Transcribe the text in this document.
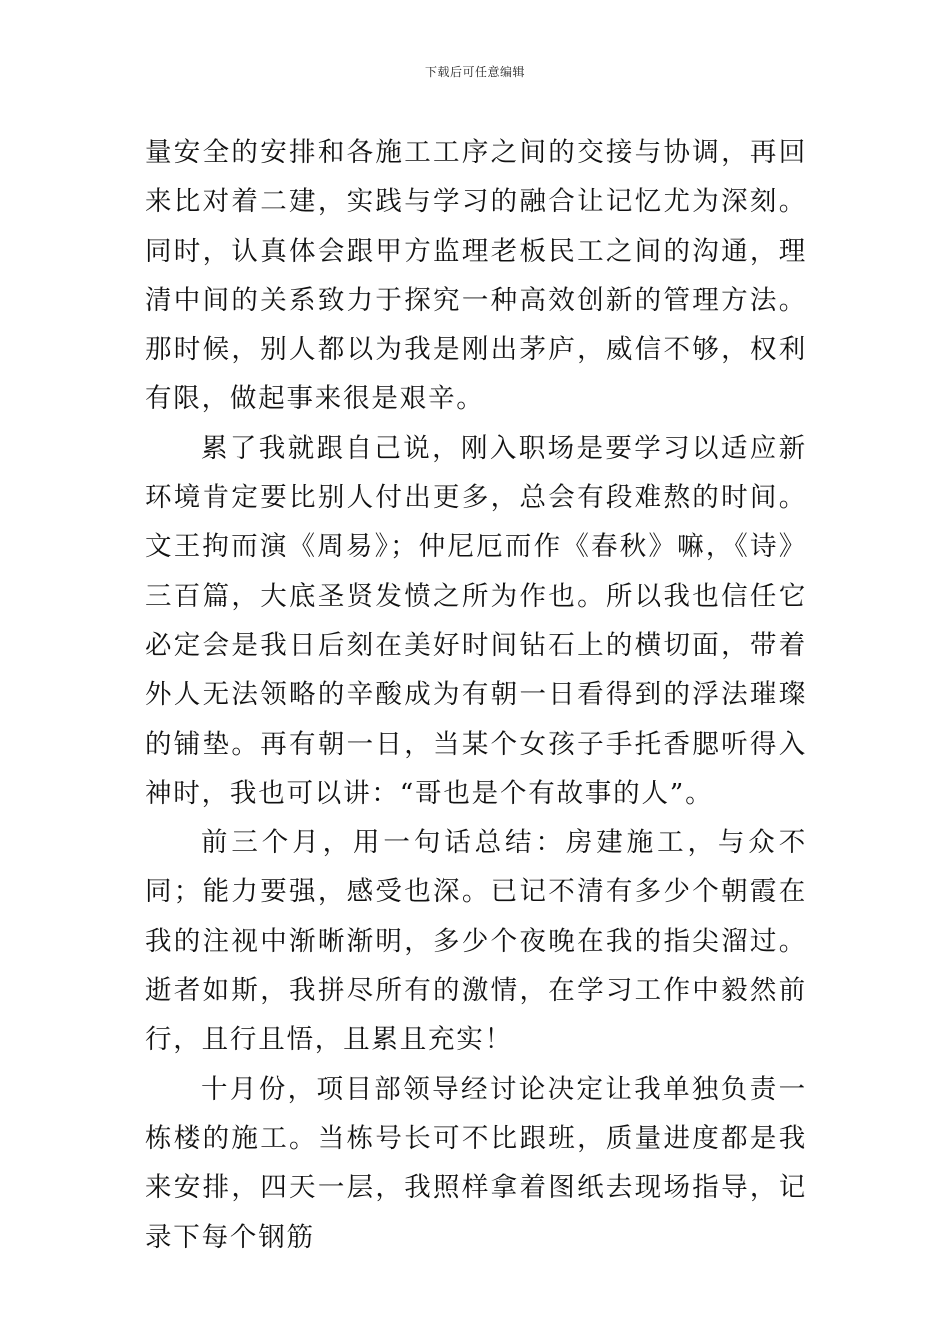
下载后可任意编辑

量安全的安排和各施工工序之间的交接与协调，再回来比对着二建，实践与学习的融合让记忆尤为深刻。同时，认真体会跟甲方监理老板民工之间的沟通，理清中间的关系致力于探究一种高效创新的管理方法。那时候，别人都以为我是刚出茅庐，威信不够，权利有限，做起事来很是艰辛。

累了我就跟自己说，刚入职场是要学习以适应新环境肯定要比别人付出更多，总会有段难熬的时间。文王拘而演《周易》；仲尼厄而作《春秋》嘛，《诗》三百篇，大底圣贤发愤之所为作也。所以我也信任它必定会是我日后刻在美好时间钻石上的横切面，带着外人无法领略的辛酸成为有朝一日看得到的浮法璀璨的铺垫。再有朝一日，当某个女孩子手托香腮听得入神时，我也可以讲：“哥也是个有故事的人”。

前三个月，用一句话总结：房建施工，与众不同；能力要强，感受也深。已记不清有多少个朝霞在我的注视中渐晰渐明，多少个夜晚在我的指尖溜过。逝者如斯，我拼尽所有的激情，在学习工作中毅然前行，且行且悟，且累且充实！

十月份，项目部领导经讨论决定让我单独负责一栋楼的施工。当栋号长可不比跟班，质量进度都是我来安排，四天一层，我照样拿着图纸去现场指导，记录下每个钢筋
